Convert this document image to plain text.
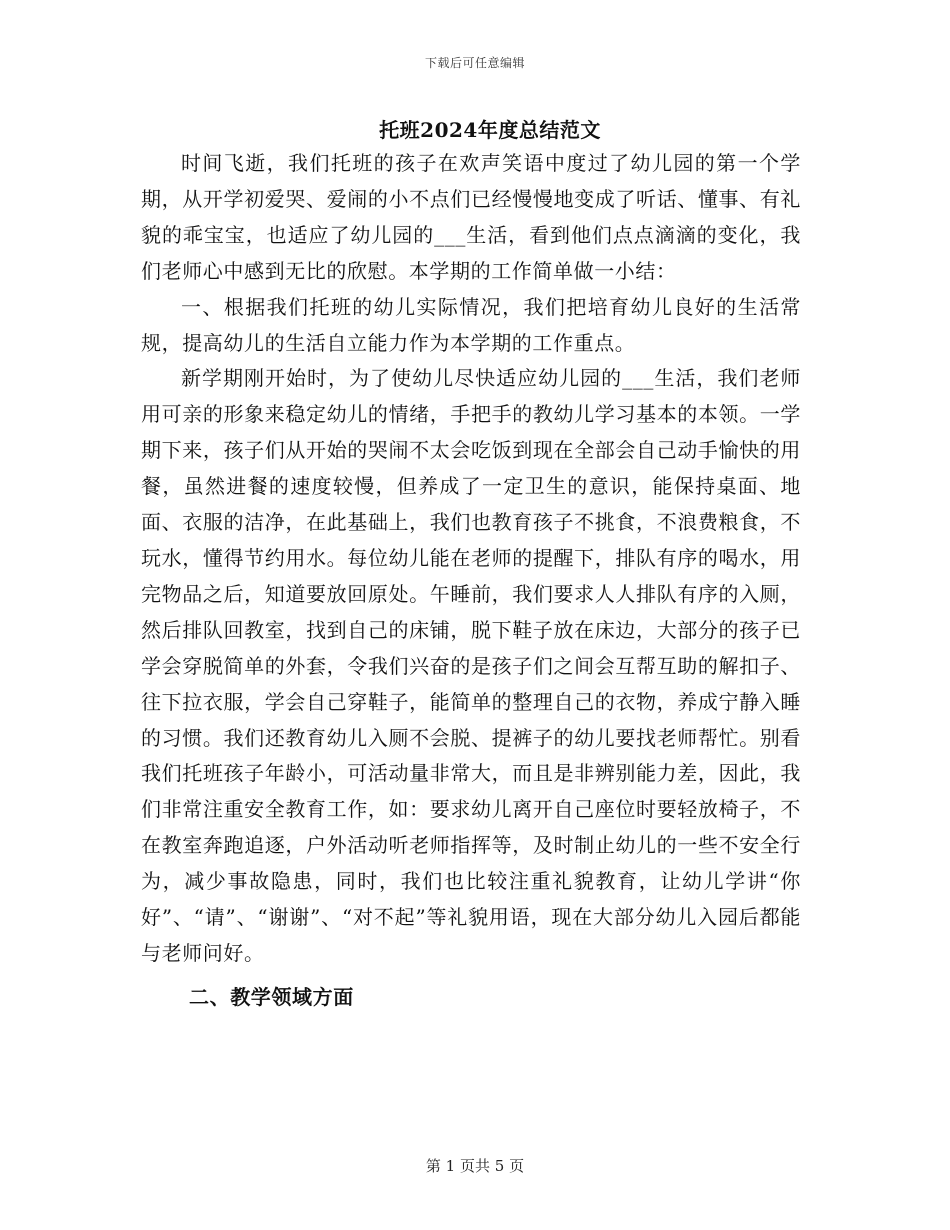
下载后可任意编辑
托班2024年度总结范文

时间飞逝，我们托班的孩子在欢声笑语中度过了幼儿园的第一个学期，从开学初爱哭、爱闹的小不点们已经慢慢地变成了听话、懂事、有礼貌的乖宝宝，也适应了幼儿园的___生活，看到他们点点滴滴的变化，我们老师心中感到无比的欣慰。本学期的工作简单做一小结：

一、根据我们托班的幼儿实际情况，我们把培育幼儿良好的生活常规，提高幼儿的生活自立能力作为本学期的工作重点。

新学期刚开始时，为了使幼儿尽快适应幼儿园的___生活，我们老师用可亲的形象来稳定幼儿的情绪，手把手的教幼儿学习基本的本领。一学期下来，孩子们从开始的哭闹不太会吃饭到现在全部会自己动手愉快的用餐，虽然进餐的速度较慢，但养成了一定卫生的意识，能保持桌面、地面、衣服的洁净，在此基础上，我们也教育孩子不挑食，不浪费粮食，不玩水，懂得节约用水。每位幼儿能在老师的提醒下，排队有序的喝水，用完物品之后，知道要放回原处。午睡前，我们要求人人排队有序的入厕，然后排队回教室，找到自己的床铺，脱下鞋子放在床边，大部分的孩子已学会穿脱简单的外套，令我们兴奋的是孩子们之间会互帮互助的解扣子、往下拉衣服，学会自己穿鞋子，能简单的整理自己的衣物，养成宁静入睡的习惯。我们还教育幼儿入厕不会脱、提裤子的幼儿要找老师帮忙。别看我们托班孩子年龄小，可活动量非常大，而且是非辨别能力差，因此，我们非常注重安全教育工作，如：要求幼儿离开自己座位时要轻放椅子，不在教室奔跑追逐，户外活动听老师指挥等，及时制止幼儿的一些不安全行为，减少事故隐患，同时，我们也比较注重礼貌教育，让幼儿学讲“你好”、“请”、“谢谢”、“对不起”等礼貌用语，现在大部分幼儿入园后都能与老师问好。

二、教学领域方面

第 1 页共 5 页
